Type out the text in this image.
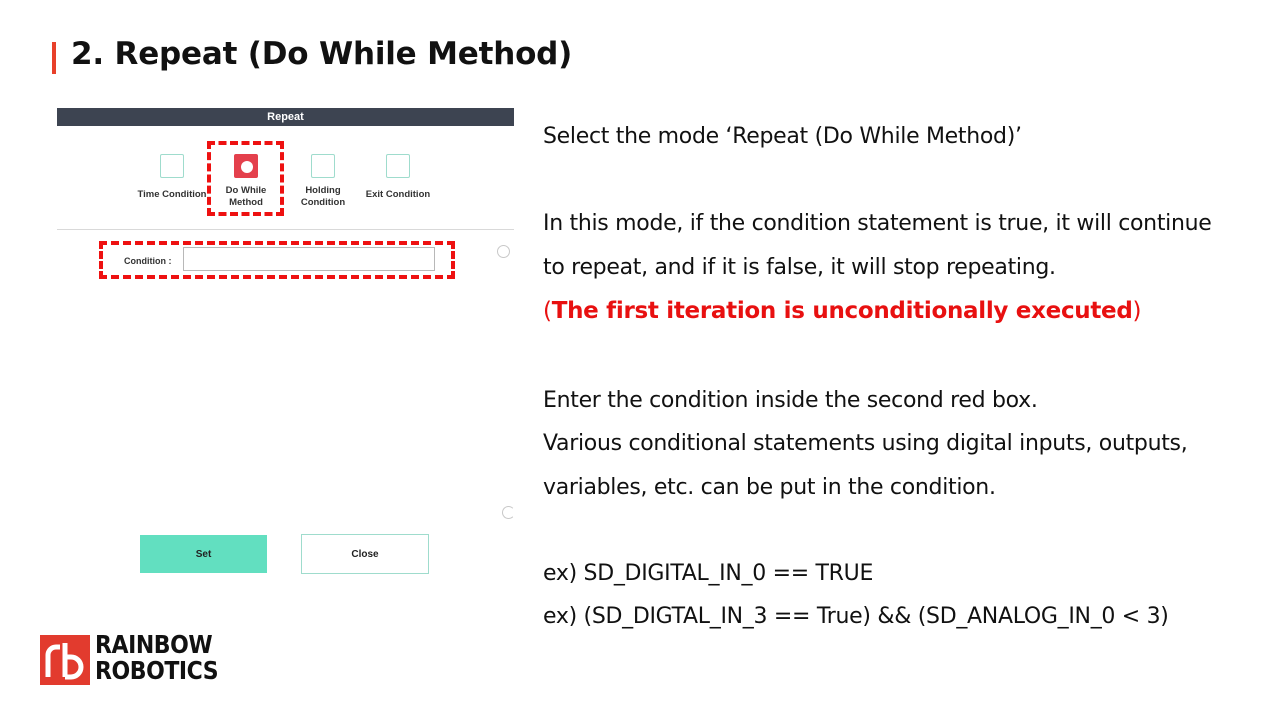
2. Repeat (Do While Method)
Repeat
Time Condition	Do While Method
Holding Condition
Exit Condition
Condition :
Set	Close
Select the mode ‘Repeat (Do While Method)’
In this mode, if the condition statement is true, it will continue
to repeat, and if it is false, it will stop repeating.
(The first iteration is unconditionally executed)
Enter the condition inside the second red box.
Various conditional statements using digital inputs, outputs,
variables, etc. can be put in the condition.
ex) SD_DIGITAL_IN_0 == TRUE
ex) (SD_DIGTAL_IN_3 == True) && (SD_ANALOG_IN_0 < 3)
RAINBOW
ROBOTICS
